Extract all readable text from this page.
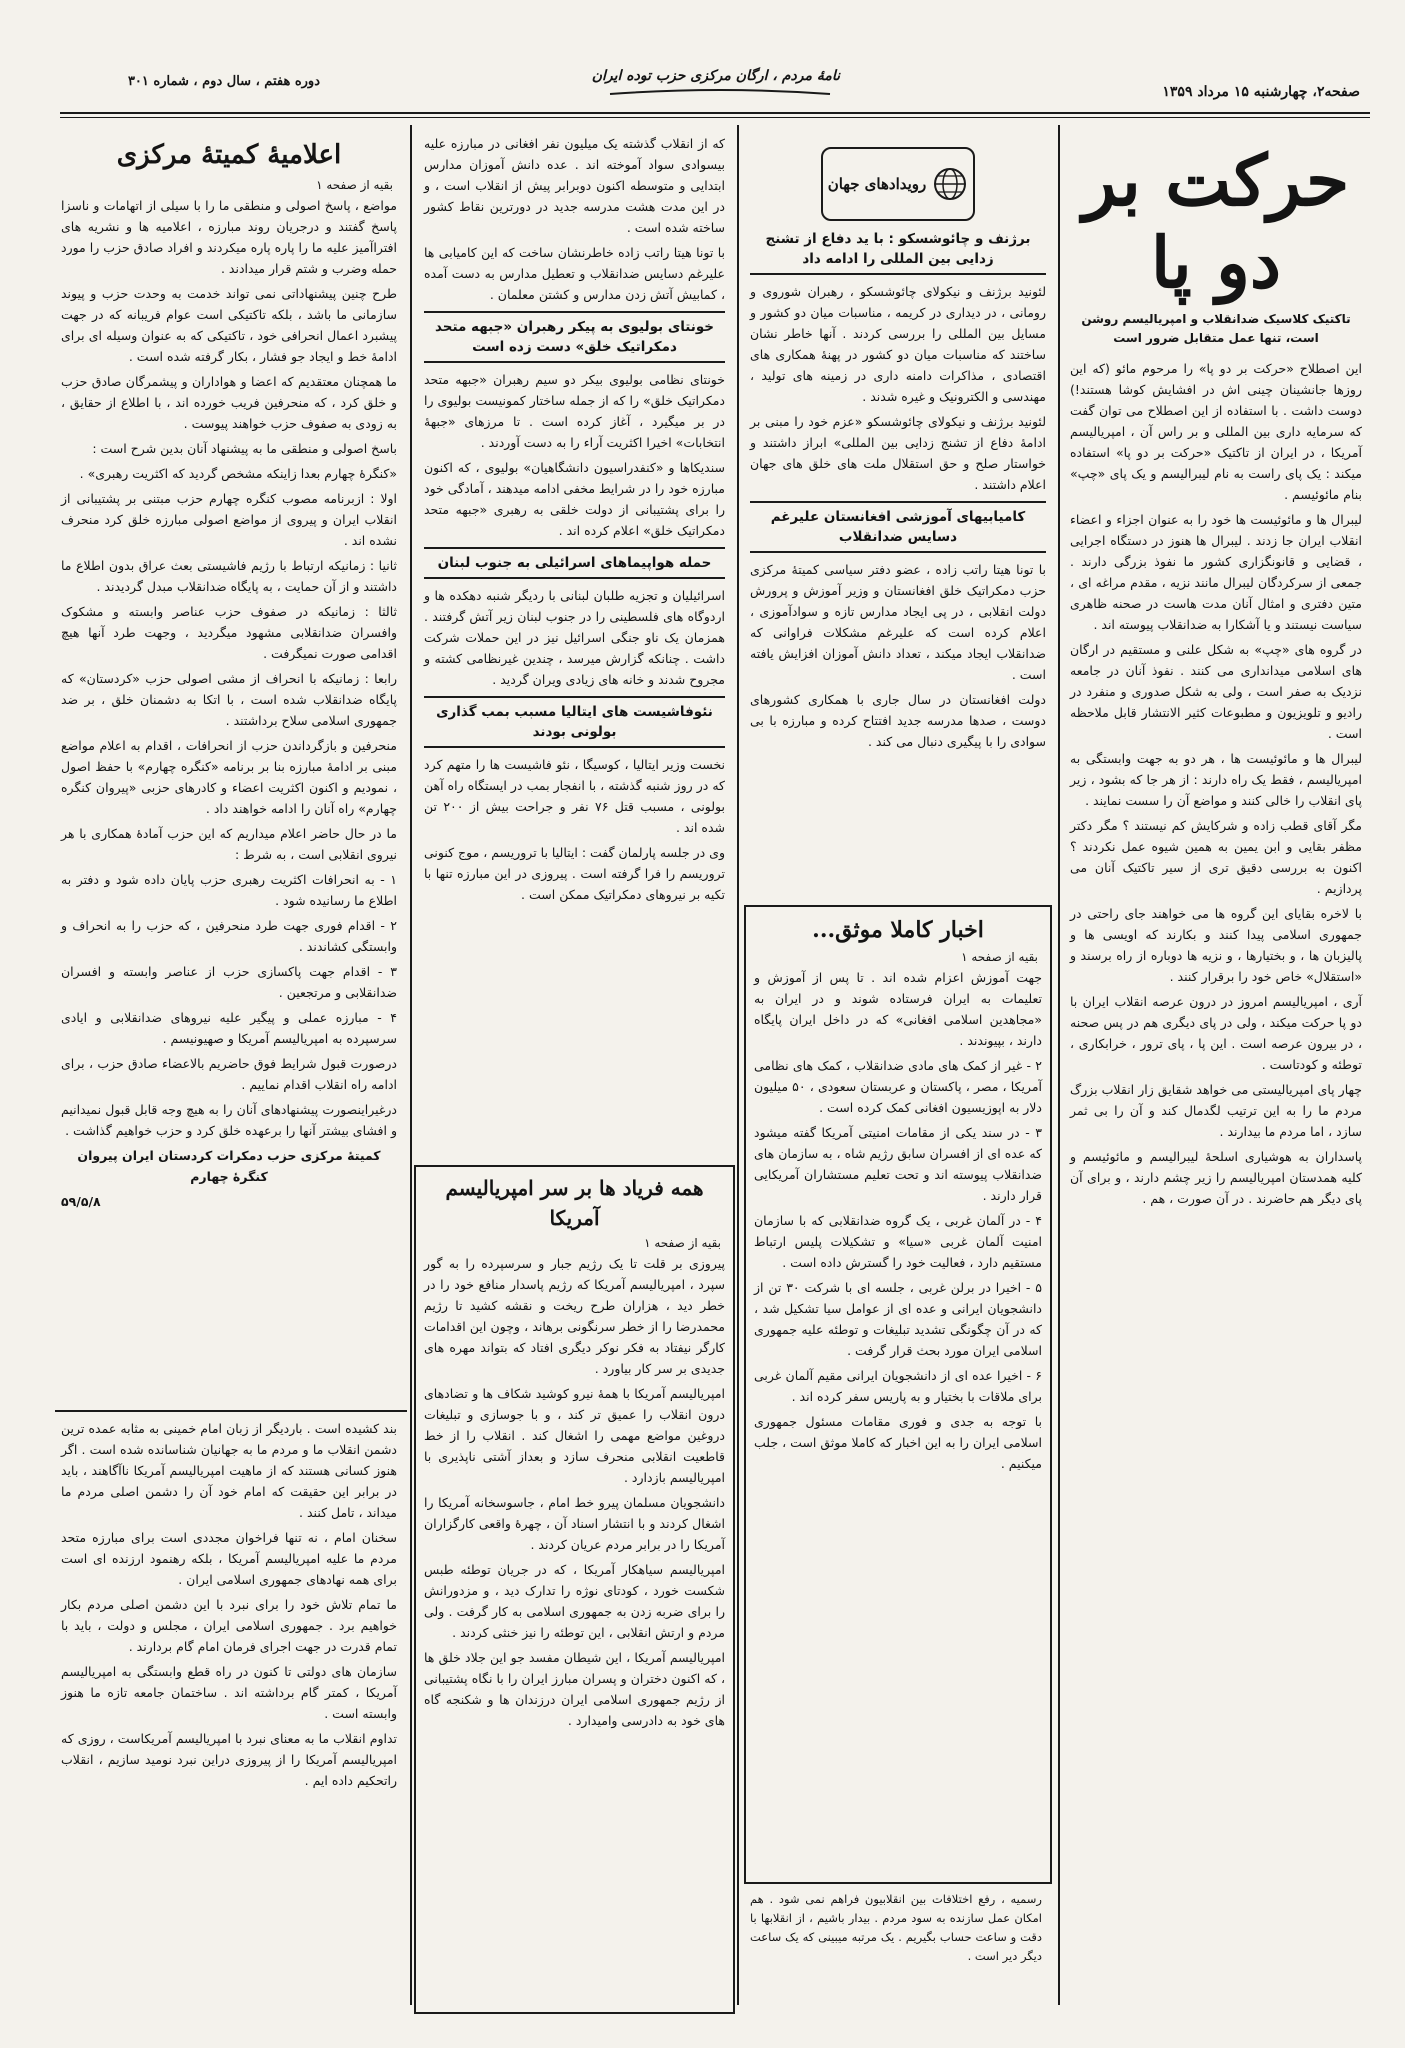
صفحه۲، چهارشنبه ۱۵ مرداد ۱۳۵۹
نامهٔ مردم ، ارگان مرکزی حزب توده ایران
دوره هفتم ، سال دوم ، شماره ۳۰۱
حرکت بر دو پا
تاکتیک کلاسیک ضدانقلاب و امپریالیسم روشن است، تنها عمل متقابل ضرور است

این اصطلاح «حرکت بر دو پا» را مرحوم مائو (که این روزها جانشینان چینی اش در افشایش کوشا هستند!) دوست داشت . با استفاده از این اصطلاح می توان گفت که سرمایه داری بین المللی و بر راس آن ، امپریالیسم آمریکا ، در ایران از تاکتیک «حرکت بر دو پا» استفاده میکند : یک پای راست به نام لیبرالیسم و یک پای «چپ» بنام مائوئیسم .

لیبرال ها و مائوئیست ها خود را به عنوان اجزاء و اعضاء انقلاب ایران جا زدند . لیبرال ها هنوز در دستگاه اجرایی ، قضایی و قانونگزاری کشور ما نفوذ بزرگی دارند . جمعی از سرکردگان لیبرال مانند نزیه ، مقدم مراغه ای ، متین دفتری و امثال آنان مدت هاست در صحنه ظاهری سیاست نیستند و یا آشکارا به ضدانقلاب پیوسته اند .

در گروه های «چپ» به شکل علنی و مستقیم در ارگان های اسلامی میدانداری می کنند . نفوذ آنان در جامعه نزدیک به صفر است ، ولی به شکل صدوری و منفرد در رادیو و تلویزیون و مطبوعات کثیر الانتشار قابل ملاحظه است .

لیبرال ها و مائوئیست ها ، هر دو به جهت وابستگی به امپریالیسم ، فقط یک راه دارند : از هر جا که بشود ، زیر پای انقلاب را خالی کنند و مواضع آن را سست نمایند .

مگر آقای قطب زاده و شرکایش کم نیستند ؟ مگر دکتر مظفر بقایی و ابن یمین به همین شیوه عمل نکردند ؟ اکنون به بررسی دقیق تری از سیر تاکتیک آنان می پردازیم .

با لاخره بقایای این گروه ها می خواهند جای راحتی در جمهوری اسلامی پیدا کنند و بکارند که اویسی ها و پالیزبان ها ، و بختیارها ، و نزیه ها دوباره از راه برسند و «استقلال» خاص خود را برقرار کنند .

آری ، امپریالیسم امروز در درون عرصه انقلاب ایران با دو پا حرکت میکند ، ولی در پای دیگری هم در پس صحنه ، در بیرون عرصه است . این پا ، پای ترور ، خرابکاری ، توطئه و کودتاست .

چهار پای امپریالیستی می خواهد شقایق زار انقلاب بزرگ مردم ما را به این ترتیب لگدمال کند و آن را بی ثمر سازد ، اما مردم ما بیدارند .

پاسداران به هوشیاری اسلحهٔ لیبرالیسم و مائوئیسم و کلیه همدستان امپریالیسم را زیر چشم دارند ، و برای آن پای دیگر هم حاضرند . در آن صورت ، هم .

رویدادهای جهان
برژنف و چائوشسکو : با ید دفاع از تشنج زدایی بین المللی را ادامه داد

لئونید برژنف و نیکولای چائوشسکو ، رهبران شوروی و رومانی ، در دیداری در کریمه ، مناسبات میان دو کشور و مسایل بین المللی را بررسی کردند . آنها خاطر نشان ساختند که مناسبات میان دو کشور در پهنهٔ همکاری های اقتصادی ، مذاکرات دامنه داری در زمینه های تولید ، مهندسی و الکترونیک و غیره شدند .

لئونید برژنف و نیکولای چائوشسکو «عزم خود را مبنی بر ادامهٔ دفاع از تشنج زدایی بین المللی» ابراز داشتند و خواستار صلح و حق استقلال ملت های خلق های جهان اعلام داشتند .

کامیابیهای آموزشی افغانستان علیرغم دسایس ضدانقلاب

با تونا هیتا راتب زاده ، عضو دفتر سیاسی کمیتهٔ مرکزی حزب دمکراتیک خلق افغانستان و وزیر آموزش و پرورش دولت انقلابی ، در پی ایجاد مدارس تازه و سوادآموزی ، اعلام کرده است که علیرغم مشکلات فراوانی که ضدانقلاب ایجاد میکند ، تعداد دانش آموزان افزایش یافته است .

دولت افغانستان در سال جاری با همکاری کشورهای دوست ، صدها مدرسه جدید افتتاح کرده و مبارزه با بی سوادی را با پیگیری دنبال می کند .

اخبار کاملا موثق...
بقیه از صفحه ۱

جهت آموزش اعزام شده اند . تا پس از آموزش و تعلیمات به ایران فرستاده شوند و در ایران به «مجاهدین اسلامی افغانی» که در داخل ایران پایگاه دارند ، بپیوندند .

۲ - غیر از کمک های مادی ضدانقلاب ، کمک های نظامی آمریکا ، مصر ، پاکستان و عربستان سعودی ، ۵۰ میلیون دلار به اپوزیسیون افغانی کمک کرده است .

۳ - در سند یکی از مقامات امنیتی آمریکا گفته میشود که عده ای از افسران سابق رژیم شاه ، به سازمان های ضدانقلاب پیوسته اند و تحت تعلیم مستشاران آمریکایی قرار دارند .

۴ - در آلمان غربی ، یک گروه ضدانقلابی که با سازمان امنیت آلمان غربی «سیا» و تشکیلات پلیس ارتباط مستقیم دارد ، فعالیت خود را گسترش داده است .

۵ - اخیرا در برلن غربی ، جلسه ای با شرکت ۳۰ تن از دانشجویان ایرانی و عده ای از عوامل سیا تشکیل شد ، که در آن چگونگی تشدید تبلیغات و توطئه علیه جمهوری اسلامی ایران مورد بحث قرار گرفت .

۶ - اخیرا عده ای از دانشجویان ایرانی مقیم آلمان غربی برای ملاقات با بختیار و به پاریس سفر کرده اند .

با توجه به جدی و فوری مقامات مسئول جمهوری اسلامی ایران را به این اخبار که کاملا موثق است ، جلب میکنیم .

رسمیه ، رفع اختلافات بین انقلابیون فراهم نمی شود . هم امکان عمل سازنده به سود مردم . بیدار باشیم ، از انقلابها با دقت و ساعت حساب بگیریم . یک مرتبه میبینی که یک ساعت دیگر دیر است .

که از انقلاب گذشته یک میلیون نفر افغانی در مبارزه علیه بیسوادی سواد آموخته اند . عده دانش آموزان مدارس ابتدایی و متوسطه اکنون دوبرابر پیش از انقلاب است ، و در این مدت هشت مدرسه جدید در دورترین نقاط کشور ساخته شده است .

با تونا هیتا راتب زاده خاطرنشان ساخت که این کامیابی ها علیرغم دسایس ضدانقلاب و تعطیل مدارس به دست آمده ، کمابیش آتش زدن مدارس و کشتن معلمان .

خونتای بولیوی به پیکر رهبران «جبهه متحد دمکراتیک خلق» دست زده است

خونتای نظامی بولیوی بیکر دو سیم رهبران «جبهه متحد دمکراتیک خلق» را که از جمله ساختار کمونیست بولیوی را در بر میگیرد ، آغاز کرده است . تا مرزهای «جبههٔ انتخابات» اخیرا اکثریت آراء را به دست آوردند .

سندیکاها و «کنفدراسیون دانشگاهیان» بولیوی ، که اکنون مبارزه خود را در شرایط مخفی ادامه میدهند ، آمادگی خود را برای پشتیبانی از دولت خلقی به رهبری «جبهه متحد دمکراتیک خلق» اعلام کرده اند .

حمله هواپیماهای اسرائیلی به جنوب لبنان

اسرائیلیان و تجزیه طلبان لبنانی با ردیگر شنبه دهکده ها و اردوگاه های فلسطینی را در جنوب لبنان زیر آتش گرفتند . همزمان یک ناو جنگی اسرائیل نیز در این حملات شرکت داشت . چنانکه گزارش میرسد ، چندین غیرنظامی کشته و مجروح شدند و خانه های زیادی ویران گردید .

نئوفاشیست های ایتالیا مسبب بمب گذاری بولونی بودند

نخست وزیر ایتالیا ، کوسیگا ، نئو فاشیست ها را متهم کرد که در روز شنبه گذشته ، با انفجار بمب در ایستگاه راه آهن بولونی ، مسبب قتل ۷۶ نفر و جراحت بیش از ۲۰۰ تن شده اند .

وی در جلسه پارلمان گفت : ایتالیا با تروریسم ، موج کنونی تروریسم را فرا گرفته است . پیروزی در این مبارزه تنها با تکیه بر نیروهای دمکراتیک ممکن است .

همه فریاد ها بر سر امپریالیسم آمریکا
بقیه از صفحه ۱

پیروزی بر قلت تا یک رژیم جبار و سرسپرده را به گور سپرد ، امپریالیسم آمریکا که رژیم پاسدار منافع خود را در خطر دید ، هزاران طرح ریخت و نقشه کشید تا رژیم محمدرضا را از خطر سرنگونی برهاند ، وچون این اقدامات کارگر نیفتاد به فکر نوکر دیگری افتاد که بتواند مهره های جدیدی بر سر کار بیاورد .

امپریالیسم آمریکا با همهٔ نیرو کوشید شکاف ها و تضادهای درون انقلاب را عمیق تر کند ، و با جوسازی و تبلیغات دروغین مواضع مهمی را اشغال کند . انقلاب را از خط قاطعیت انقلابی منحرف سازد و بعداز آشتی ناپذیری با امپریالیسم بازدارد .

دانشجویان مسلمان پیرو خط امام ، جاسوسخانه آمریکا را اشغال کردند و با انتشار اسناد آن ، چهرهٔ واقعی کارگزاران آمریکا را در برابر مردم عریان کردند .

امپریالیسم سیاهکار آمریکا ، که در جریان توطئه طبس شکست خورد ، کودتای نوژه را تدارک دید ، و مزدورانش را برای ضربه زدن به جمهوری اسلامی به کار گرفت . ولی مردم و ارتش انقلابی ، این توطئه را نیز خنثی کردند .

امپریالیسم آمریکا ، این شیطان مفسد جو این جلاد خلق ها ، که اکنون دختران و پسران مبارز ایران را با نگاه پشتیبانی از رژیم جمهوری اسلامی ایران درزندان ها و شکنجه گاه های خود به دادرسی وامیدارد .

اعلامیهٔ کمیتهٔ مرکزی
بقیه از صفحه ۱

مواضع ، پاسخ اصولی و منطقی ما را با سیلی از اتهامات و ناسزا پاسخ گفتند و درجریان روند مبارزه ، اعلامیه ها و نشریه های افتراآمیز علیه ما را پاره پاره میکردند و افراد صادق حزب را مورد حمله وضرب و شتم قرار میدادند .

طرح چنین پیشنهاداتی نمی تواند خدمت به وحدت حزب و پیوند سازمانی ما باشد ، بلکه تاکتیکی است عوام فریبانه که در جهت پیشبرد اعمال انحرافی خود ، تاکتیکی که به عنوان وسیله ای برای ادامهٔ خط و ایجاد جو فشار ، بکار گرفته شده است .

ما همچنان معتقدیم که اعضا و هواداران و پیشمرگان صادق حزب و خلق کرد ، که منحرفین فریب خورده اند ، با اطلاع از حقایق ، به زودی به صفوف حزب خواهند پیوست .

باسخ اصولی و منطقی ما به پیشنهاد آنان بدین شرح است :

«کنگرهٔ چهارم بعدا زاینکه مشخص گردید که اکثریت رهبری» .

اولا : ازبرنامه مصوب کنگره چهارم حزب مبتنی بر پشتیبانی از انقلاب ایران و پیروی از مواضع اصولی مبارزه خلق کرد منحرف نشده اند .

ثانیا : زمانیکه ارتباط با رژیم فاشیستی بعث عراق بدون اطلاع ما داشتند و از آن حمایت ، به پایگاه ضدانقلاب مبدل گردیدند .

ثالثا : زمانیکه در صفوف حزب عناصر وابسته و مشکوک وافسران ضدانقلابی مشهود میگردید ، وجهت طرد آنها هیچ اقدامی صورت نمیگرفت .

رابعا : زمانیکه با انحراف از مشی اصولی حزب «کردستان» که پایگاه ضدانقلاب شده است ، با اتکا به دشمنان خلق ، بر ضد جمهوری اسلامی سلاح برداشتند .

منحرفین و بازگرداندن حزب از انحرافات ، اقدام به اعلام مواضع مبنی بر ادامهٔ مبارزه بنا بر برنامه «کنگره چهارم» با حفظ اصول ، نمودیم و اکنون اکثریت اعضاء و کادرهای حزبی «پیروان کنگره چهارم» راه آنان را ادامه خواهند داد .

ما در حال حاضر اعلام میداریم که این حزب آمادهٔ همکاری با هر نیروی انقلابی است ، به شرط :

۱ - به انحرافات اکثریت رهبری حزب پایان داده شود و دفتر به اطلاع ما رسانیده شود .

۲ - اقدام فوری جهت طرد منحرفین ، که حزب را به انحراف و وابستگی کشاندند .

۳ - اقدام جهت پاکسازی حزب از عناصر وابسته و افسران ضدانقلابی و مرتجعین .

۴ - مبارزه عملی و پیگیر علیه نیروهای ضدانقلابی و ایادی سرسپرده به امپریالیسم آمریکا و صهیونیسم .

درصورت قبول شرایط فوق حاضریم بالاعضاء صادق حزب ، برای ادامه راه انقلاب اقدام نماییم .

درغیراینصورت پیشنهادهای آنان را به هیچ وجه قابل قبول نمیدانیم و افشای بیشتر آنها را برعهده خلق کرد و حزب خواهیم گذاشت .

کمیتهٔ مرکزی حزب دمکرات کردستان ایران پیروان کنگرهٔ چهارم

۵۹/۵/۸

بند کشیده است . باردیگر از زبان امام خمینی به مثابه عمده ترین دشمن انقلاب ما و مردم ما به جهانیان شناسانده شده است . اگر هنوز کسانی هستند که از ماهیت امپریالیسم آمریکا ناآگاهند ، باید در برابر این حقیقت که امام خود آن را دشمن اصلی مردم ما میداند ، تامل کنند .

سخنان امام ، نه تنها فراخوان مجددی است برای مبارزه متحد مردم ما علیه امپریالیسم آمریکا ، بلکه رهنمود ارزنده ای است برای همه نهادهای جمهوری اسلامی ایران .

ما تمام تلاش خود را برای نبرد با این دشمن اصلی مردم بکار خواهیم برد . جمهوری اسلامی ایران ، مجلس و دولت ، باید با تمام قدرت در جهت اجرای فرمان امام گام بردارند .

سازمان های دولتی تا کنون در راه قطع وابستگی به امپریالیسم آمریکا ، کمتر گام برداشته اند . ساختمان جامعه تازه ما هنوز وابسته است .

تداوم انقلاب ما به معنای نبرد با امپریالیسم آمریکاست ، روزی که امپریالیسم آمریکا را از پیروزی دراین نبرد نومید سازیم ، انقلاب راتحکیم داده ایم .
